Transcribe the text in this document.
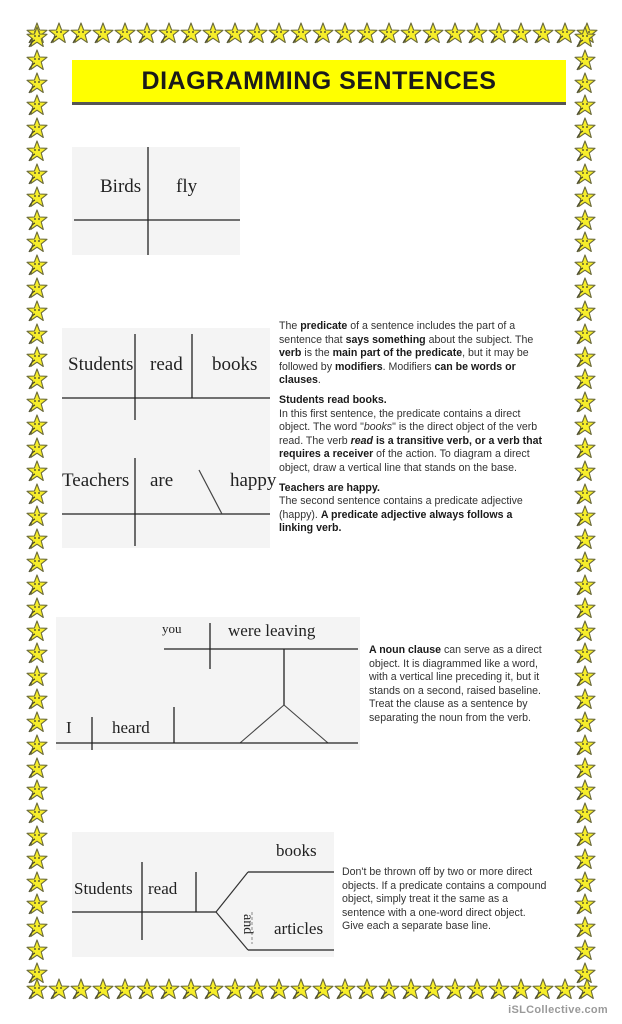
DIAGRAMMING SENTENCES
Birds fly
Students read books
Teachers are	happy

The predicate of a sentence includes the part of a sentence that says something about the subject. The verb is the main part of the predicate, but it may be followed by modifiers. Modifiers can be words or clauses.

Students read books.
In this first sentence, the predicate contains a direct object. The word "books" is the direct object of the verb read. The verb read is a transitive verb, or a verb that requires a receiver of the action. To diagram a direct object, draw a vertical line that stands on the base.

Teachers are happy.
The second sentence contains a predicate adjective (happy). A predicate adjective always follows a linking verb.

you	were leaving
I heard

A noun clause can serve as a direct object. It is diagrammed like a word, with a vertical line preceding it, but it stands on a second, raised baseline.

Treat the clause as a sentence by separating the noun from the verb.

Students read
books
and articles

Don't be thrown off by two or more direct objects. If a predicate contains a compound object, simply treat it the same as a sentence with a one-word direct object. Give each a separate base line.

iSLCollective.com
